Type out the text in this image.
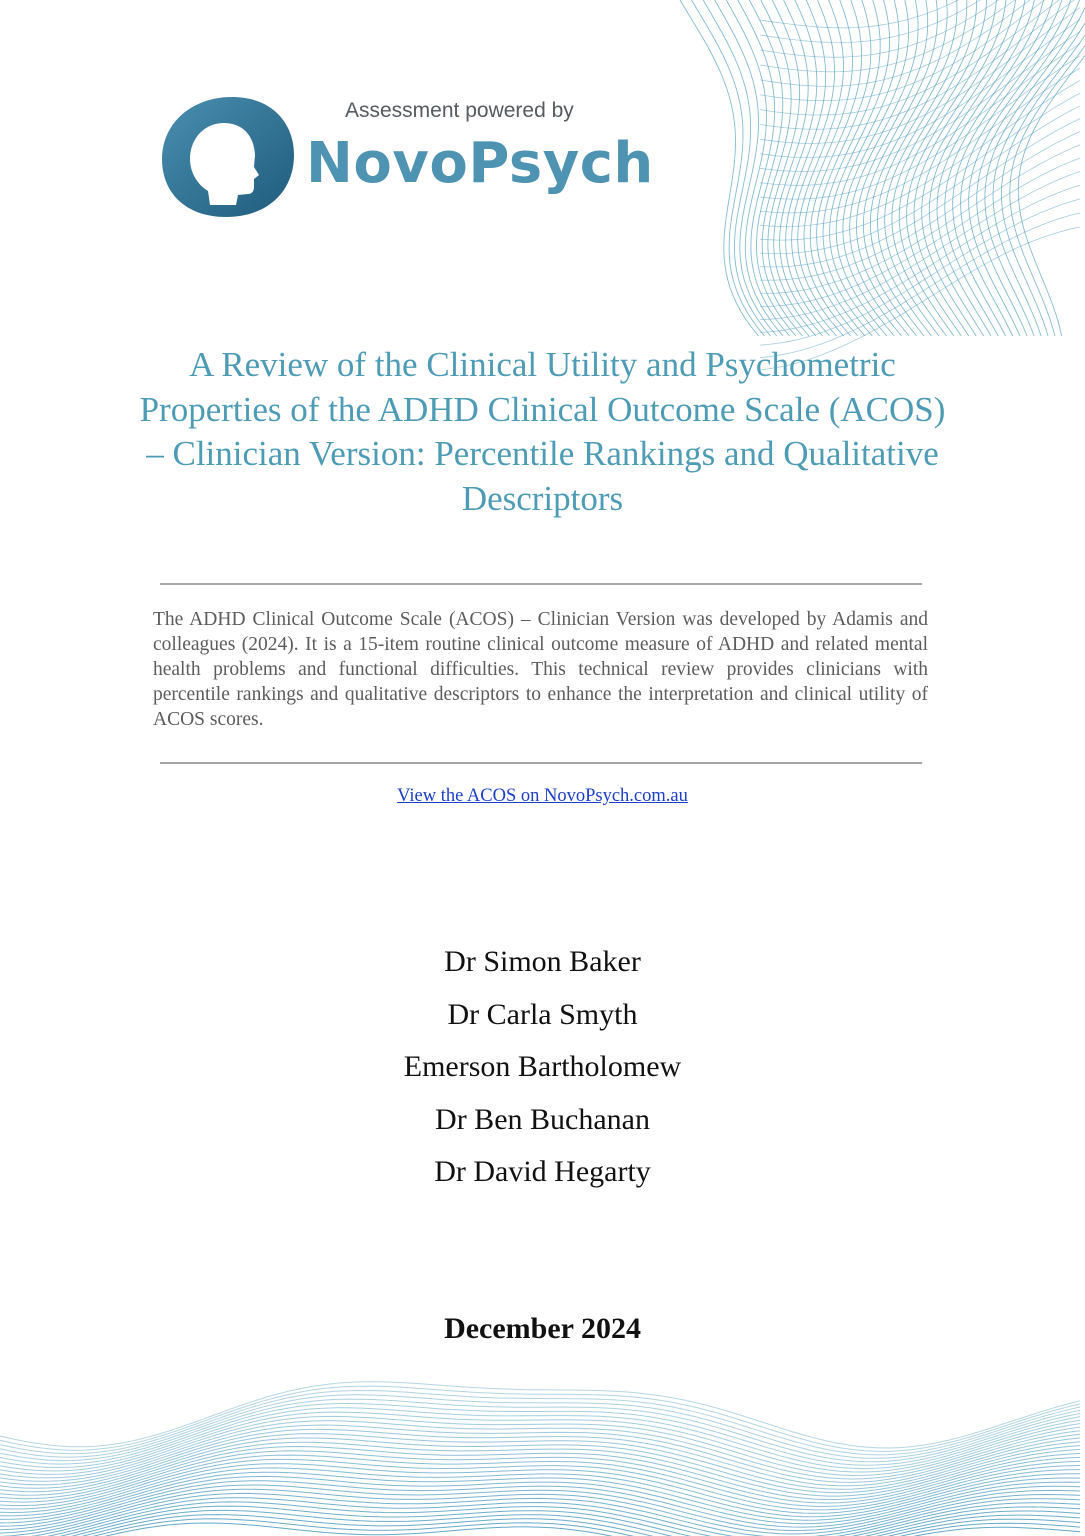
Assessment powered by
NovoPsych
A Review of the Clinical Utility and Psychometric Properties of the ADHD Clinical Outcome Scale (ACOS) – Clinician Version: Percentile Rankings and Qualitative Descriptors

The ADHD Clinical Outcome Scale (ACOS) – Clinician Version was developed by Adamis and colleagues (2024). It is a 15-item routine clinical outcome measure of ADHD and related mental health problems and functional difficulties. This technical review provides clinicians with percentile rankings and qualitative descriptors to enhance the interpretation and clinical utility of ACOS scores.

View the ACOS on NovoPsych.com.au
Dr Simon Baker
Dr Carla Smyth
Emerson Bartholomew
Dr Ben Buchanan
Dr David Hegarty
December 2024
